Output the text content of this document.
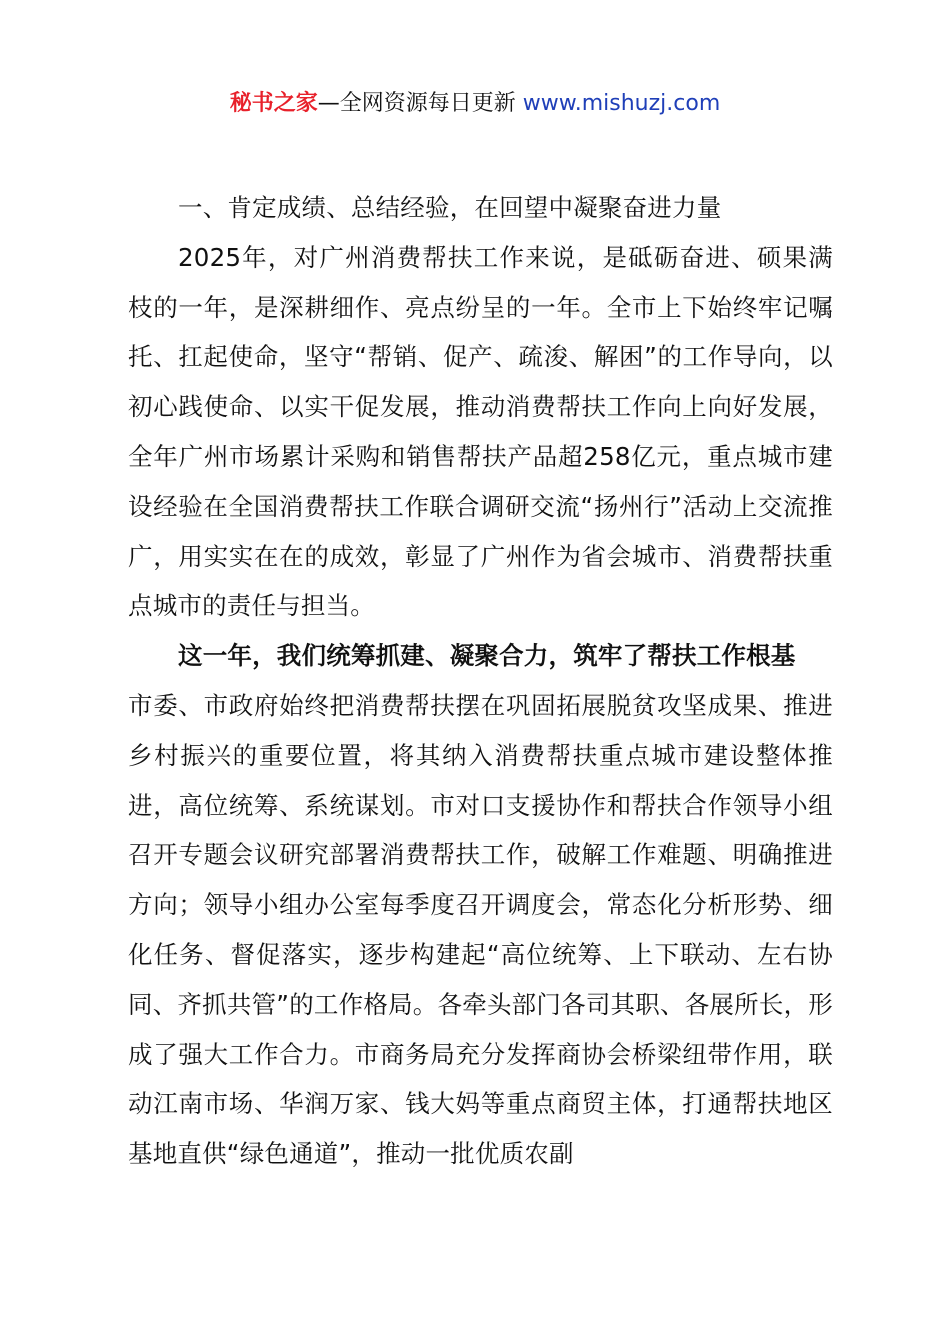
秘书之家—全网资源每日更新 www.mishuzj.com

一、肯定成绩、总结经验，在回望中凝聚奋进力量

2025年，对广州消费帮扶工作来说，是砥砺奋进、硕果满枝的一年，是深耕细作、亮点纷呈的一年。全市上下始终牢记嘱托、扛起使命，坚守“帮销、促产、疏浚、解困”的工作导向，以初心践使命、以实干促发展，推动消费帮扶工作向上向好发展，全年广州市场累计采购和销售帮扶产品超258亿元，重点城市建设经验在全国消费帮扶工作联合调研交流“扬州行”活动上交流推广，用实实在在的成效，彰显了广州作为省会城市、消费帮扶重点城市的责任与担当。

这一年，我们统筹抓建、凝聚合力，筑牢了帮扶工作根基

市委、市政府始终把消费帮扶摆在巩固拓展脱贫攻坚成果、推进乡村振兴的重要位置，将其纳入消费帮扶重点城市建设整体推进，高位统筹、系统谋划。市对口支援协作和帮扶合作领导小组召开专题会议研究部署消费帮扶工作，破解工作难题、明确推进方向；领导小组办公室每季度召开调度会，常态化分析形势、细化任务、督促落实，逐步构建起“高位统筹、上下联动、左右协同、齐抓共管”的工作格局。各牵头部门各司其职、各展所长，形成了强大工作合力。市商务局充分发挥商协会桥梁纽带作用，联动江南市场、华润万家、钱大妈等重点商贸主体，打通帮扶地区基地直供“绿色通道”，推动一批优质农副
